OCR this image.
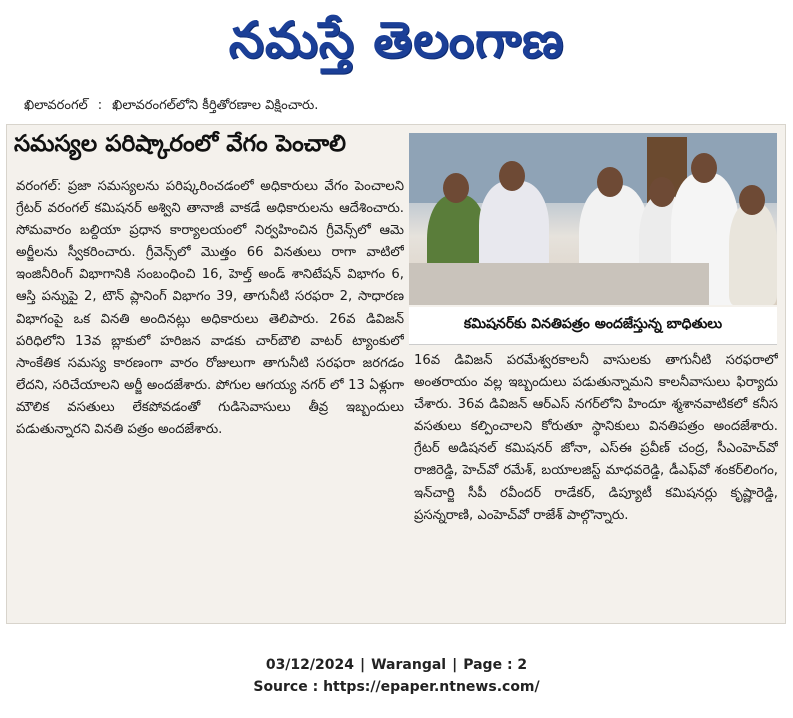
నమస్తే తెలంగాణ
ఖిలావరంగల్ : ఖిలావరంగల్‌లోని కీర్తితోరణాల విక్షించారు.
సమస్యల పరిష్కారంలో వేగం పెంచాలి
వరంగల్‌: ప్రజా సమస్యలను పరిష్కరించడంలో అధికారులు వేగం పెంచాలని గ్రేటర్‌ వరంగల్‌ కమిషనర్‌ అశ్విని తానాజీ వాకడే అధికారులను ఆదేశించారు. సోమవారం బల్దియా ప్రధాన కార్యాలయంలో నిర్వహించిన గ్రీవెన్స్‌లో ఆమె అర్జీలను స్వీకరించారు. గ్రీవెన్స్‌లో మొత్తం 66 వినతులు రాగా వాటిలో ఇంజినీరింగ్‌ విభాగానికి సంబంధించి 16, హెల్త్‌ అండ్‌ శానిటేషన్‌ విభాగం 6, ఆస్తి పన్నుపై 2, టౌన్‌ ప్లానింగ్‌ విభాగం 39, తాగునీటి సరఫరా 2, సాధారణ విభాగంపై ఒక వినతి అందినట్లు అధికారులు తెలిపారు. 26వ డివిజన్‌ పరిధిలోని 13వ బ్లాకులో హరిజన వాడకు చార్‌బౌలి వాటర్‌ ట్యాంకులో సాంకేతిక సమస్య కారణంగా వారం రోజులుగా తాగునీటి సరఫరా జరగడం లేదని, సరిచేయాలని అర్జీ అందజేశారు. పోగుల ఆగయ్య నగర్‌ లో 13 ఏళ్లుగా మౌలిక వసతులు లేకపోవడంతో గుడిసెవాసులు తీవ్ర ఇబ్బందులు పడుతున్నారని వినతి పత్రం అందజేశారు.
కమిషనర్‌కు వినతిపత్రం అందజేస్తున్న బాధితులు
16వ డివిజన్‌ పరమేశ్వరకాలనీ వాసులకు తాగునీటి సరఫరాలో అంతరాయం వల్ల ఇబ్బందులు పడుతున్నామని కాలనీవాసులు ఫిర్యాదు చేశారు. 36వ డివిజన్‌ ఆర్‌ఎస్‌ నగర్‌లోని హిందూ శ్మశానవాటికలో కనీస వసతులు కల్పించాలని కోరుతూ స్థానికులు వినతిపత్రం అందజేశారు. గ్రేటర్‌ అడిషనల్‌ కమిషనర్‌ జోనా, ఎస్‌ఈ ప్రవీణ్‌ చంద్ర, సీఎంహెచ్‌వో రాజిరెడ్డి, హెచ్‌వో రమేశ్‌, బయాలజిస్ట్‌ మాధవరెడ్డి, డీఎఫ్‌వో శంకర్‌లింగం, ఇన్‌చార్జి సీపీ రవీందర్‌ రాడేకర్‌, డిప్యూటీ కమిషనర్లు కృష్ణారెడ్డి, ప్రసన్నరాణి, ఎంహెచ్‌వో రాజేశ్‌ పాల్గొన్నారు.
03/12/2024 | Warangal | Page : 2
Source : https://epaper.ntnews.com/
